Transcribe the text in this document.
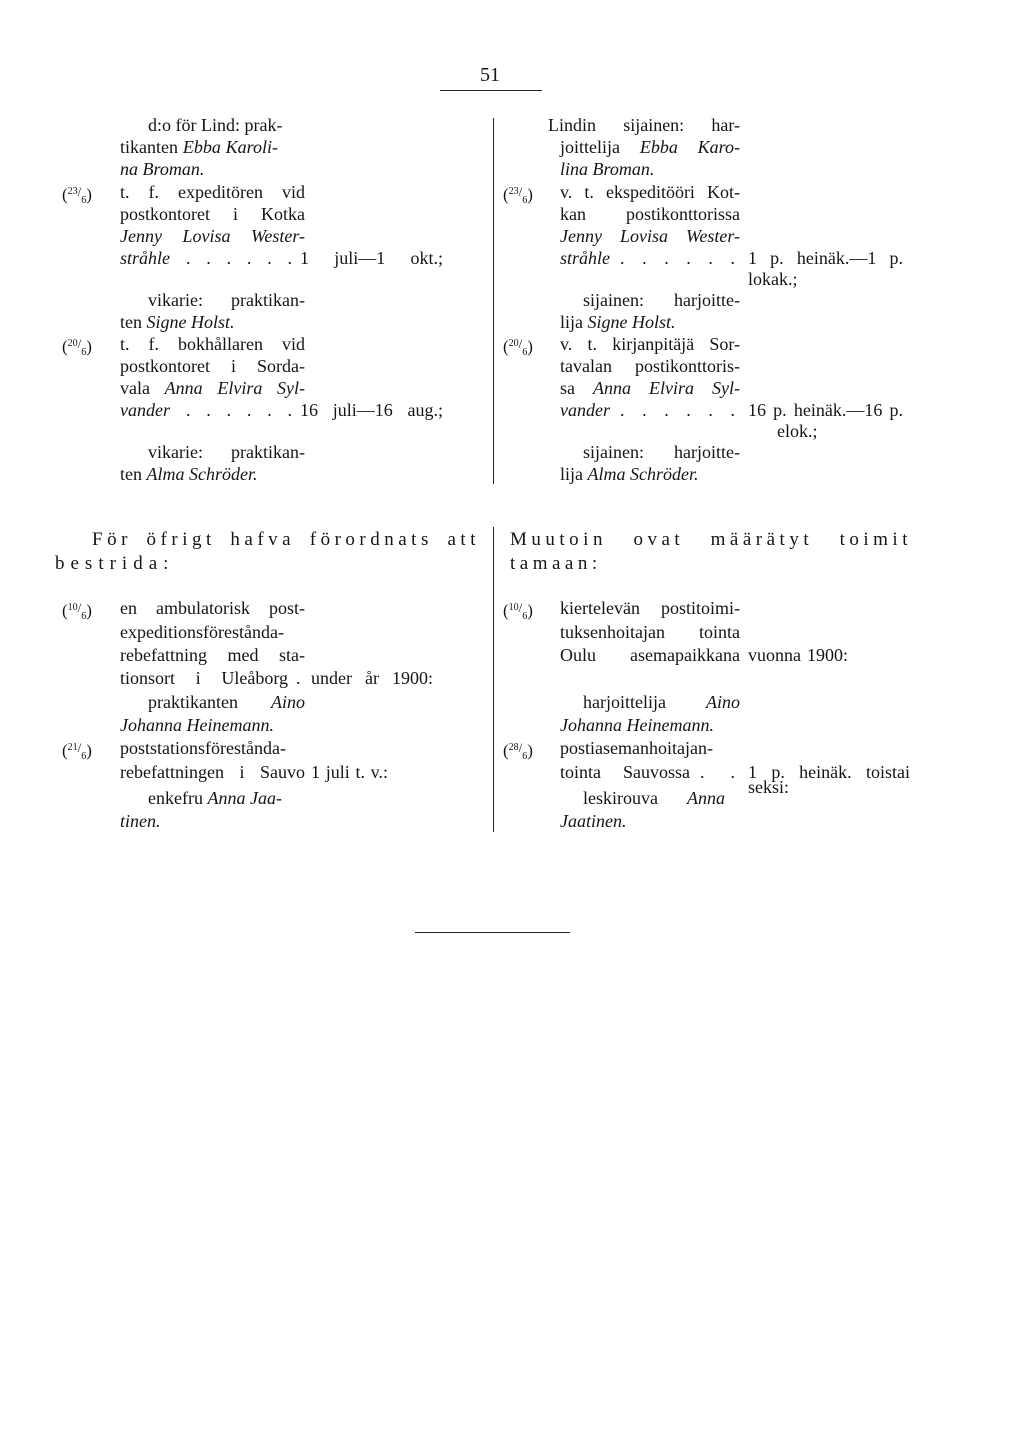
51
d:o för Lind: prak-
tikanten Ebba Karoli-
na Broman.
( $^{23}$ /6 )	t. f. expeditören vid
postkontoret i Kotka
Jenny Lovisa Wester-
stråhle . . . . . . 1 juli—1 okt.;
vikarie: praktikan-
ten Signe Holst.
( $^{20}$ /6 )	t. f. bokhållaren vid
postkontoret i Sorda-
vala Anna Elvira Syl-
vander . . . . . . 16 juli—16 aug.;
vikarie: praktikan-
ten Alma Schröder.
Lindin sijainen: har-
joittelija Ebba Karo-
lina Broman.
( $^{23}$ /6 )	v. t. ekspeditööri Kot-
kan postikonttorissa
Jenny Lovisa Wester-
stråhle . . . . . . 1 p. heinäk.—1 p.
lokak.;
sijainen: harjoitte-
lija Signe Holst.
( $^{20}$ /6 )	v. t. kirjanpitäjä Sor-
tavalan postikonttoris-
sa Anna Elvira Syl-
vander . . . . . . 16 p. heinäk.—16 p.
elok.;
sijainen: harjoitte-
lija Alma Schröder.
För öfrigt hafva förordnats att
bestrida:
( $^{10}$ /6 )	en ambulatorisk post-
expeditionsförestånda-
rebefattning med sta-
tionsort i Uleåborg . under år 1900:
praktikanten Aino
Johanna Heinemann.
( $^{21}$ /6 )	poststationsförestånda-
rebefattningen i Sauvo 1 juli t. v.:
enkefru Anna Jaa-
tinen.
Muutoin ovat määrätyt toimit
tamaan:
( $^{10}$ /6 )	kiertelevän postitoimi-
tuksenhoitajan tointa
Oulu asemapaikkana vuonna 1900:
harjoittelija Aino
Johanna Heinemann.
( $^{28}$ /6 )	postiasemanhoitajan-
tointa Sauvossa . . 1 p. heinäk. toistai
seksi:
leskirouva Anna
Jaatinen.
